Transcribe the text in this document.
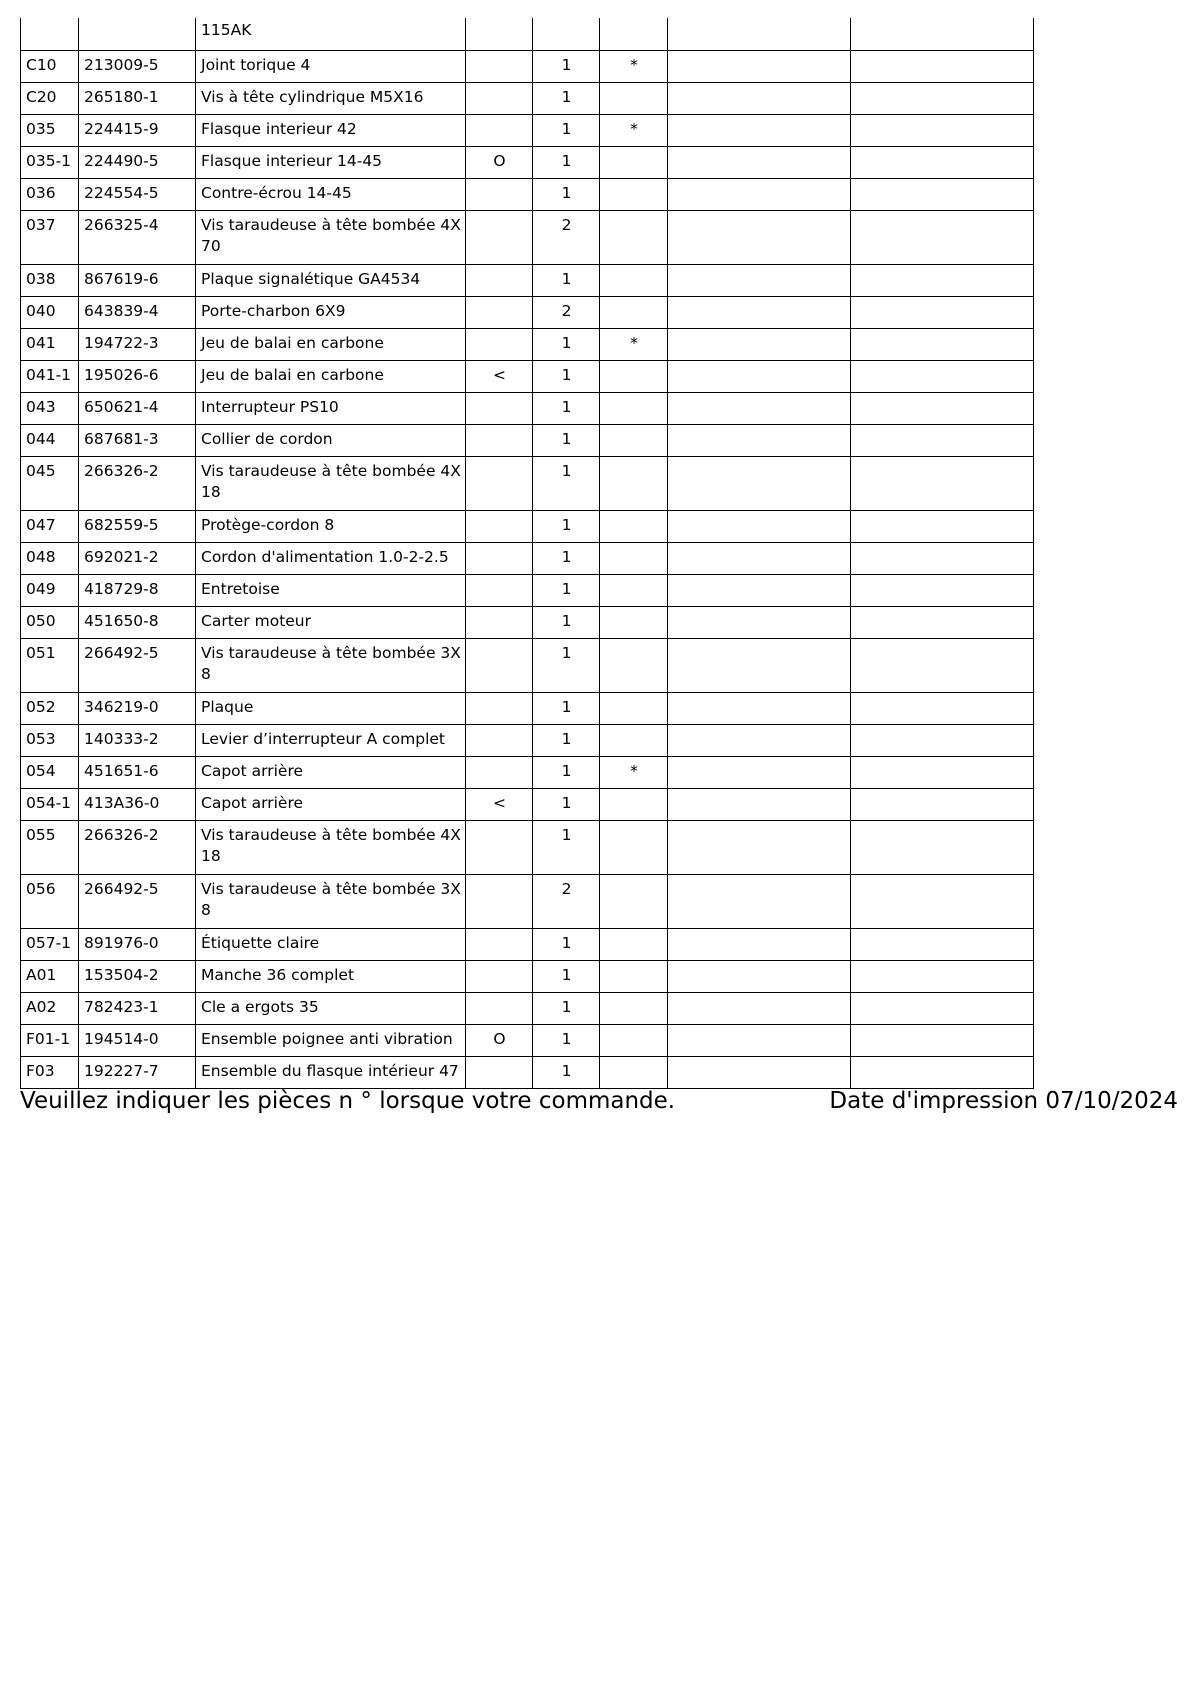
		115AK					
C10	213009-5	Joint torique 4		1	*		
C20	265180-1	Vis à tête cylindrique M5X16		1			
035	224415-9	Flasque interieur 42		1	*		
035-1	224490-5	Flasque interieur 14-45	O	1			
036	224554-5	Contre-écrou 14-45		1			
037	266325-4	Vis taraudeuse à tête bombée 4X 70		2			
038	867619-6	Plaque signalétique GA4534		1			
040	643839-4	Porte-charbon 6X9		2			
041	194722-3	Jeu de balai en carbone		1	*		
041-1	195026-6	Jeu de balai en carbone	<	1			
043	650621-4	Interrupteur PS10		1			
044	687681-3	Collier de cordon		1			
045	266326-2	Vis taraudeuse à tête bombée 4X 18		1			
047	682559-5	Protège-cordon 8		1			
048	692021-2	Cordon d'alimentation 1.0-2-2.5		1			
049	418729-8	Entretoise		1			
050	451650-8	Carter moteur		1			
051	266492-5	Vis taraudeuse à tête bombée 3X 8		1			
052	346219-0	Plaque		1			
053	140333-2	Levier d’interrupteur A complet		1			
054	451651-6	Capot arrière		1	*		
054-1	413A36-0	Capot arrière	<	1			
055	266326-2	Vis taraudeuse à tête bombée 4X 18		1			
056	266492-5	Vis taraudeuse à tête bombée 3X 8		2			
057-1	891976-0	Étiquette claire		1			
A01	153504-2	Manche 36 complet		1			
A02	782423-1	Cle a ergots 35		1			
F01-1	194514-0	Ensemble poignee anti vibration	O	1			
F03	192227-7	Ensemble du flasque intérieur 47		1			
Veuillez indiquer les pièces n ° lorsque votre commande.	Date d'impression 07/10/2024
